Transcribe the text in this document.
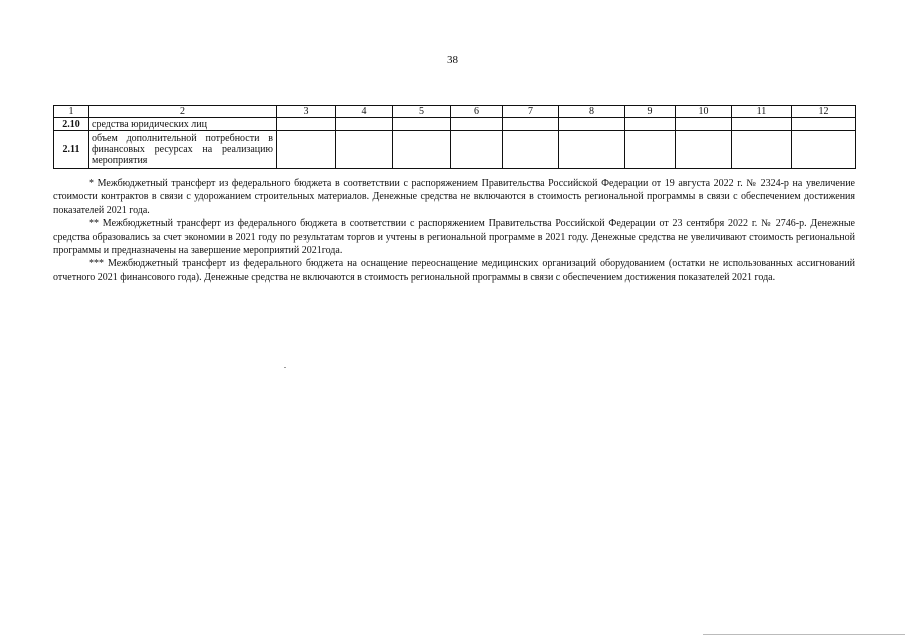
38
1	2	3	4	5	6	7	8	9	10	11	12
2.10	средства юридических лиц										
2.11	объем дополнительной потребности в финансовых ресурсах на реализацию мероприятия										

* Межбюджетный трансферт из федерального бюджета в соответствии с распоряжением Правительства Российской Федерации от 19 августа 2022 г. № 2324-р на увеличение стоимости контрактов в связи с удорожанием строительных материалов. Денежные средства не включаются в стоимость региональной программы в связи с обеспечением достижения показателей 2021 года.

** Межбюджетный трансферт из федерального бюджета в соответствии с распоряжением Правительства Российской Федерации от 23 сентября 2022 г. № 2746-р. Денежные средства образовались за счет экономии в 2021 году по результатам торгов и учтены в региональной программе в 2021 году. Денежные средства не увеличивают стоимость региональной программы и предназначены на завершение мероприятий 2021года.

*** Межбюджетный трансферт из федерального бюджета на оснащение переоснащение медицинских организаций оборудованием (остатки не использованных ассигнований отчетного 2021 финансового года). Денежные средства не включаются в стоимость региональной программы в связи с обеспечением достижения показателей 2021 года.
